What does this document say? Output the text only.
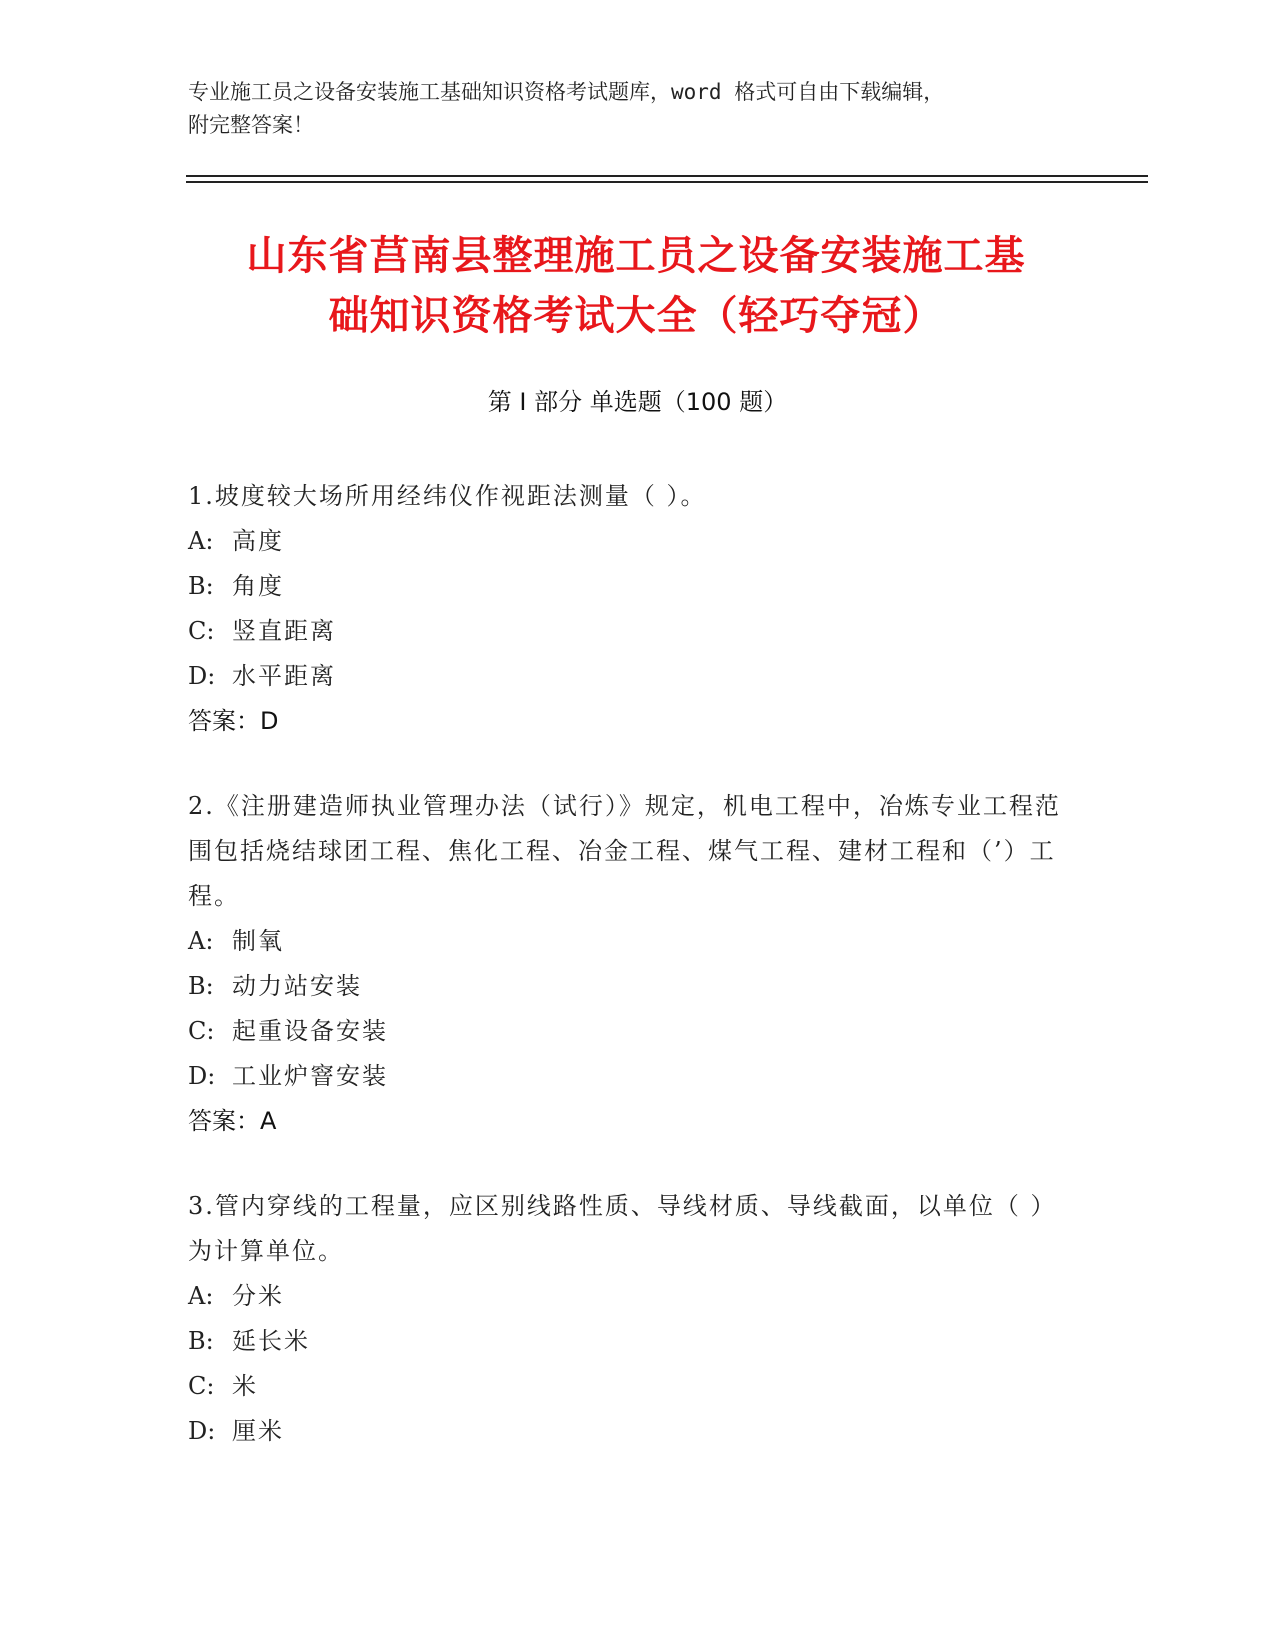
专业施工员之设备安装施工基础知识资格考试题库，word 格式可自由下载编辑，
附完整答案！
山东省莒南县整理施工员之设备安装施工基
础知识资格考试大全（轻巧夺冠）
第 I 部分 单选题（100 题）

1.坡度较大场所用经纬仪作视距法测量（ ）。

A: 高度

B: 角度

C: 竖直距离

D: 水平距离

答案：D

2.《注册建造师执业管理办法（试行）》规定，机电工程中，冶炼专业工程范围包括烧结球团工程、焦化工程、冶金工程、煤气工程、建材工程和（’）工程。

A: 制氧

B: 动力站安装

C: 起重设备安装

D: 工业炉窨安装

答案：A

3.管内穿线的工程量，应区别线路性质、导线材质、导线截面，以单位（ ）为计算单位。

A: 分米

B: 延长米

C: 米

D: 厘米
